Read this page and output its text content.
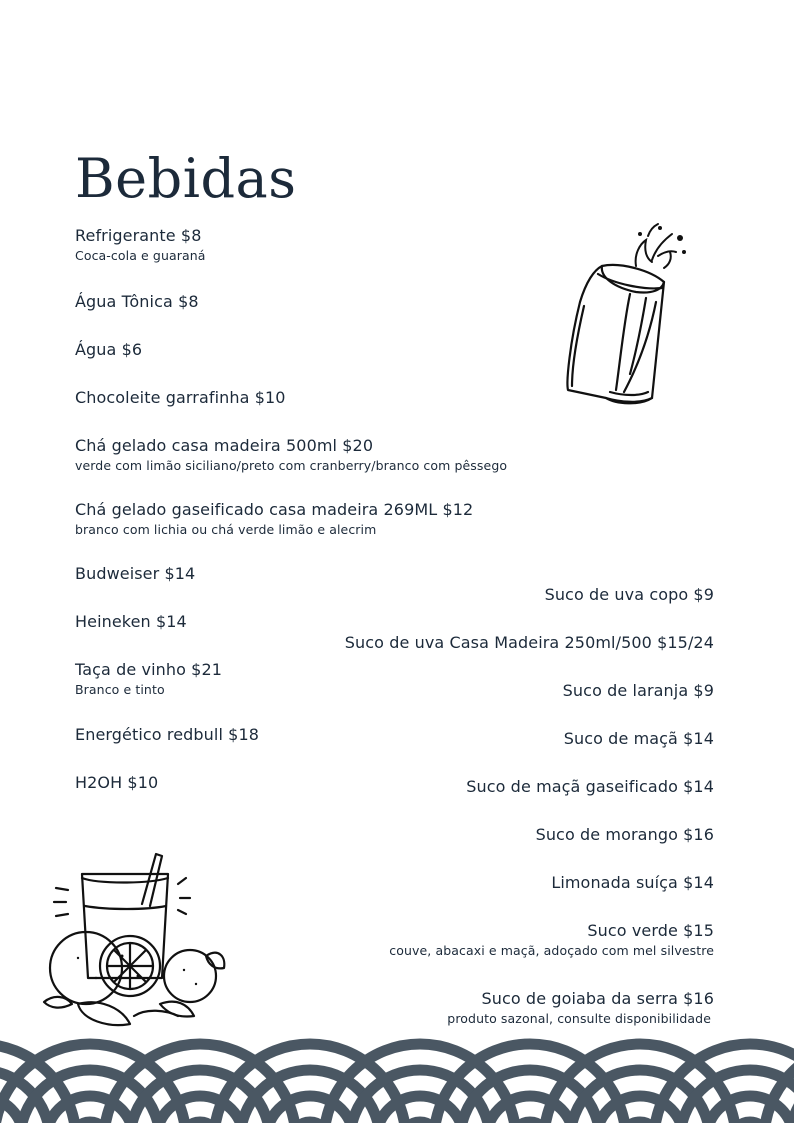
Bebidas
Refrigerante $8
Coca-cola e guaraná
Água Tônica $8
Água $6
Chocoleite garrafinha $10
Chá gelado casa madeira 500ml $20
verde com limão siciliano/preto com cranberry/branco com pêssego
Chá gelado gaseificado casa madeira 269ML $12
branco com lichia ou chá verde limão e alecrim
Budweiser $14
Heineken $14
Taça de vinho $21
Branco e tinto
Energético redbull $18
H2OH $10
Suco de uva copo $9
Suco de uva Casa Madeira 250ml/500 $15/24
Suco de laranja $9
Suco de maçã $14
Suco de maçã gaseificado $14
Suco de morango $16
Limonada suíça $14
Suco verde $15
couve, abacaxi e maçã, adoçado com mel silvestre
Suco de goiaba da serra $16
produto sazonal, consulte disponibilidade
